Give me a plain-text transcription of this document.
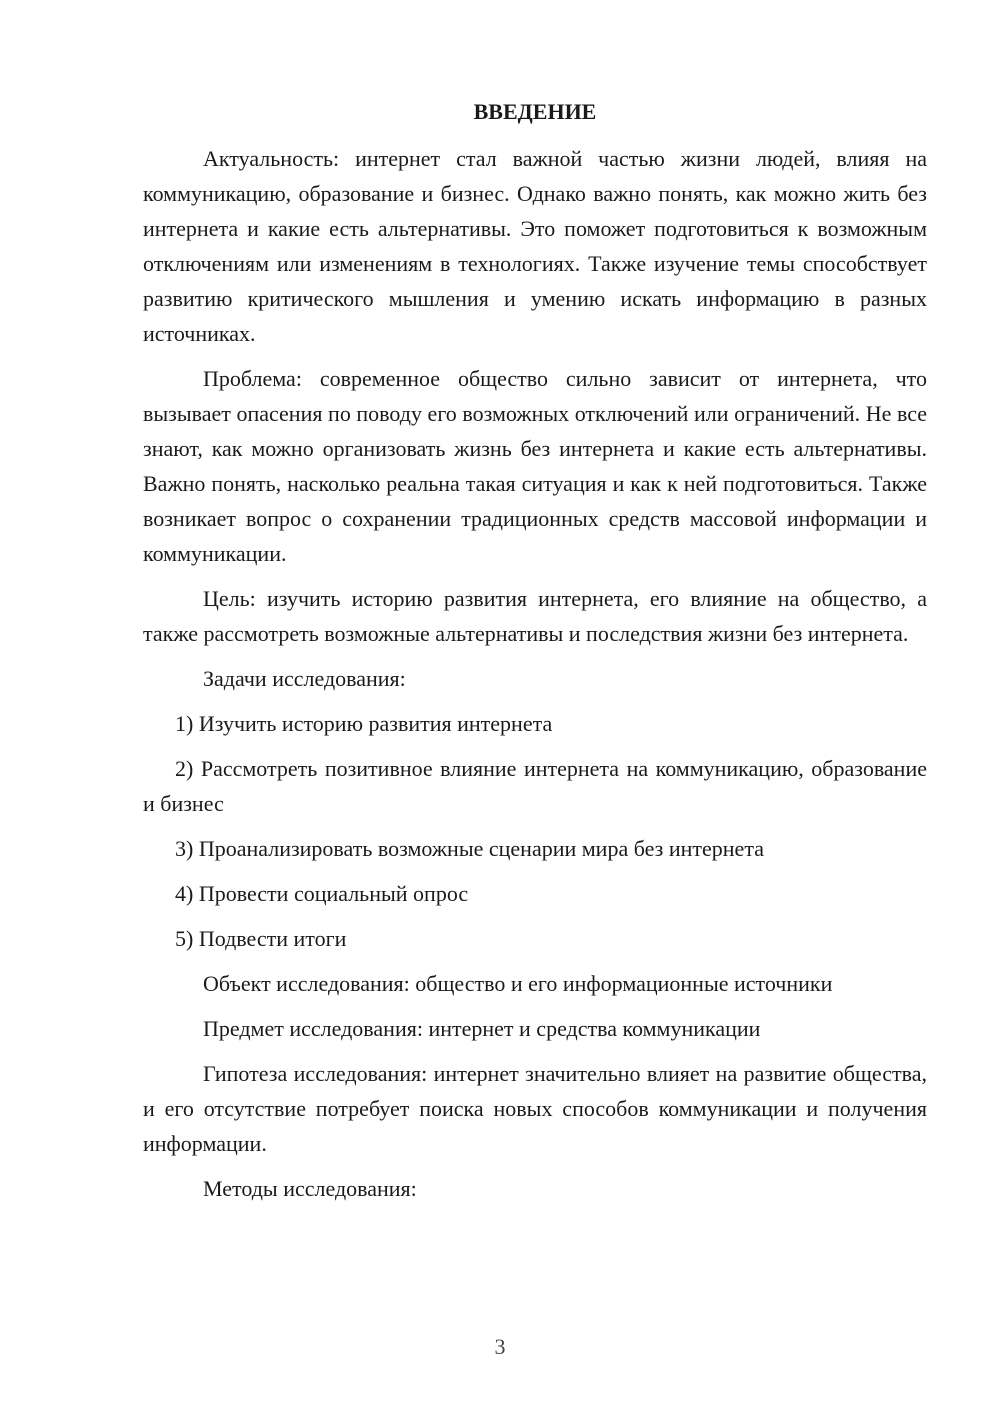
ВВЕДЕНИЕ

Актуальность: интернет стал важной частью жизни людей, влияя на коммуникацию, образование и бизнес. Однако важно понять, как можно жить без интернета и какие есть альтернативы. Это поможет подготовиться к возможным отключениям или изменениям в технологиях. Также изучение темы способствует развитию критического мышления и умению искать информацию в разных источниках.

Проблема: современное общество сильно зависит от интернета, что вызывает опасения по поводу его возможных отключений или ограничений. Не все знают, как можно организовать жизнь без интернета и какие есть альтернативы. Важно понять, насколько реальна такая ситуация и как к ней подготовиться. Также возникает вопрос о сохранении традиционных средств массовой информации и коммуникации.

Цель: изучить историю развития интернета, его влияние на общество, а также рассмотреть возможные альтернативы и последствия жизни без интернета.

Задачи исследования:

1) Изучить историю развития интернета

2) Рассмотреть позитивное влияние интернета на коммуникацию, образование и бизнес

3) Проанализировать возможные сценарии мира без интернета

4) Провести социальный опрос

5) Подвести итоги

Объект исследования: общество и его информационные источники

Предмет исследования: интернет и средства коммуникации

Гипотеза исследования: интернет значительно влияет на развитие общества, и его отсутствие потребует поиска новых способов коммуникации и получения информации.

Методы исследования:

3
